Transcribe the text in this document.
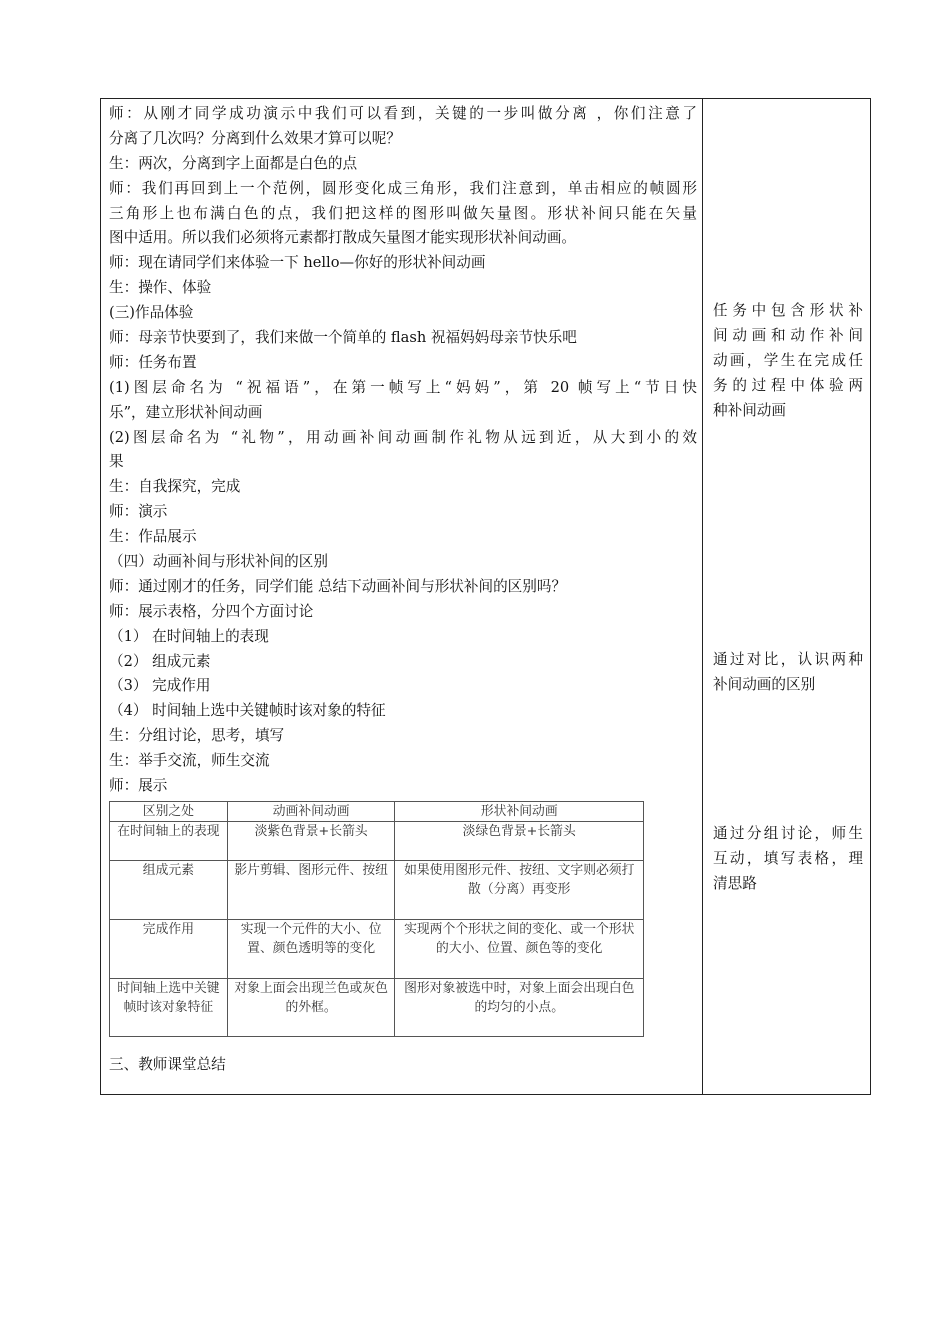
师：从刚才同学成功演示中我们可以看到，关键的一步叫做分离 ，你们注意了
分离了几次吗？分离到什么效果才算可以呢？
生：两次，分离到字上面都是白色的点
师：我们再回到上一个范例，圆形变化成三角形，我们注意到，单击相应的帧圆形
三角形上也布满白色的点，我们把这样的图形叫做矢量图。形状补间只能在矢量
图中适用。所以我们必须将元素都打散成矢量图才能实现形状补间动画。
师：现在请同学们来体验一下 hello—你好的形状补间动画
生：操作、体验
(三)作品体验
师：母亲节快要到了，我们来做一个简单的 flash 祝福妈妈母亲节快乐吧
师：任务布置
(1)图层命名为 “祝福语”，在第一帧写上“妈妈”，第 20 帧写上“节日快
乐”，建立形状补间动画
(2)图层命名为 “礼物”，用动画补间动画制作礼物从远到近，从大到小的效
果
生：自我探究，完成
师：演示
生：作品展示
（四）动画补间与形状补间的区别
师：通过刚才的任务，同学们能 总结下动画补间与形状补间的区别吗？
师：展示表格，分四个方面讨论
（1） 在时间轴上的表现
（2） 组成元素
（3） 完成作用
（4） 时间轴上选中关键帧时该对象的特征
生：分组讨论，思考，填写
生：举手交流，师生交流
师：展示
区别之处	动画补间动画	形状补间动画
在时间轴上的表现	淡紫色背景+长箭头	淡绿色背景+长箭头
组成元素	影片剪辑、图形元件、按纽	如果使用图形元件、按纽、文字则必须打散（分离）再变形
完成作用	实现一个元件的大小、位置、颜色透明等的变化	实现两个个形状之间的变化、或一个形状的大小、位置、颜色等的变化
时间轴上选中关键帧时该对象特征	对象上面会出现兰色或灰色的外框。	图形对象被选中时，对象上面会出现白色的均匀的小点。
三、教师课堂总结
任务中包含形状补
间动画和动作补间
动画，学生在完成任
务的过程中体验两
种补间动画
通过对比，认识两种
补间动画的区别
通过分组讨论，师生
互动，填写表格，理
清思路
